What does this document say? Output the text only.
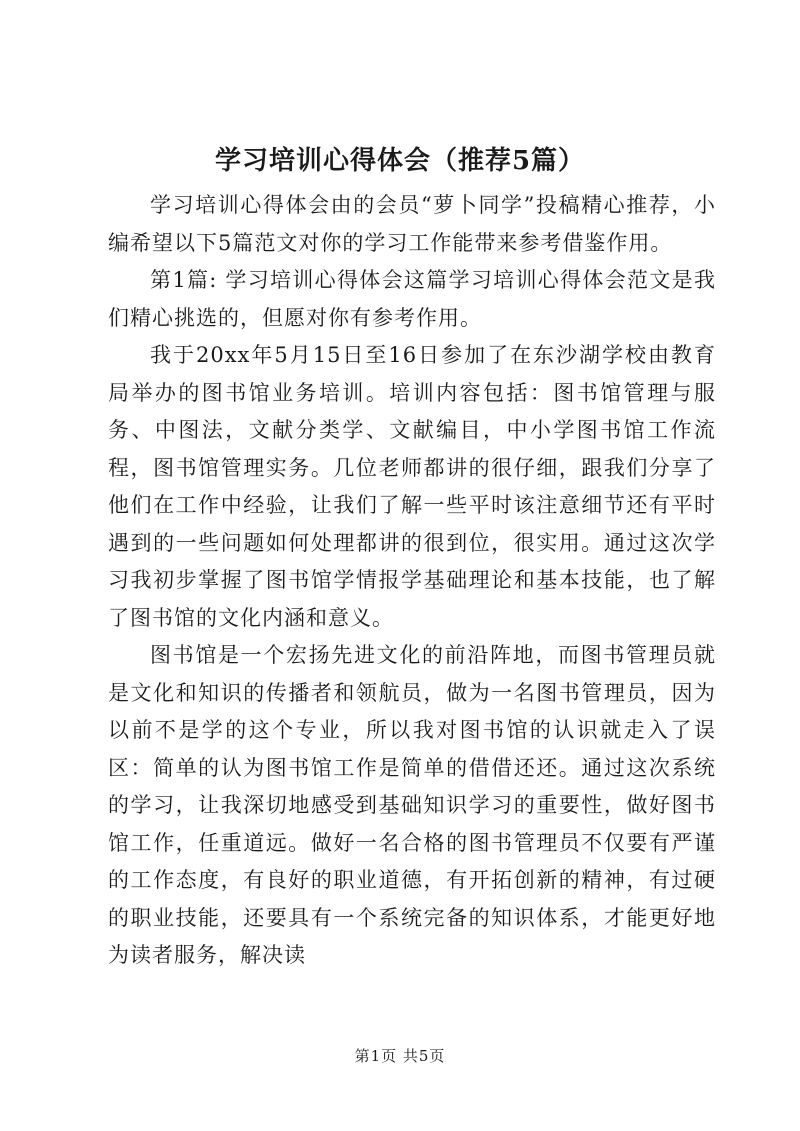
学习培训心得体会（推荐5篇）

学习培训心得体会由的会员“萝卜同学”投稿精心推荐，小编希望以下5篇范文对你的学习工作能带来参考借鉴作用。

第1篇: 学习培训心得体会这篇学习培训心得体会范文是我们精心挑选的，但愿对你有参考作用。

我于20xx年5月15日至16日参加了在东沙湖学校由教育局举办的图书馆业务培训。培训内容包括：图书馆管理与服务、中图法，文献分类学、文献编目，中小学图书馆工作流程，图书馆管理实务。几位老师都讲的很仔细，跟我们分享了他们在工作中经验，让我们了解一些平时该注意细节还有平时遇到的一些问题如何处理都讲的很到位，很实用。通过这次学习我初步掌握了图书馆学情报学基础理论和基本技能，也了解了图书馆的文化内涵和意义。

图书馆是一个宏扬先进文化的前沿阵地，而图书管理员就是文化和知识的传播者和领航员，做为一名图书管理员，因为以前不是学的这个专业，所以我对图书馆的认识就走入了误区：简单的认为图书馆工作是简单的借借还还。通过这次系统的学习，让我深切地感受到基础知识学习的重要性，做好图书馆工作，任重道远。做好一名合格的图书管理员不仅要有严谨的工作态度，有良好的职业道德，有开拓创新的精神，有过硬的职业技能，还要具有一个系统完备的知识体系，才能更好地为读者服务，解决读

第1页 共5页
